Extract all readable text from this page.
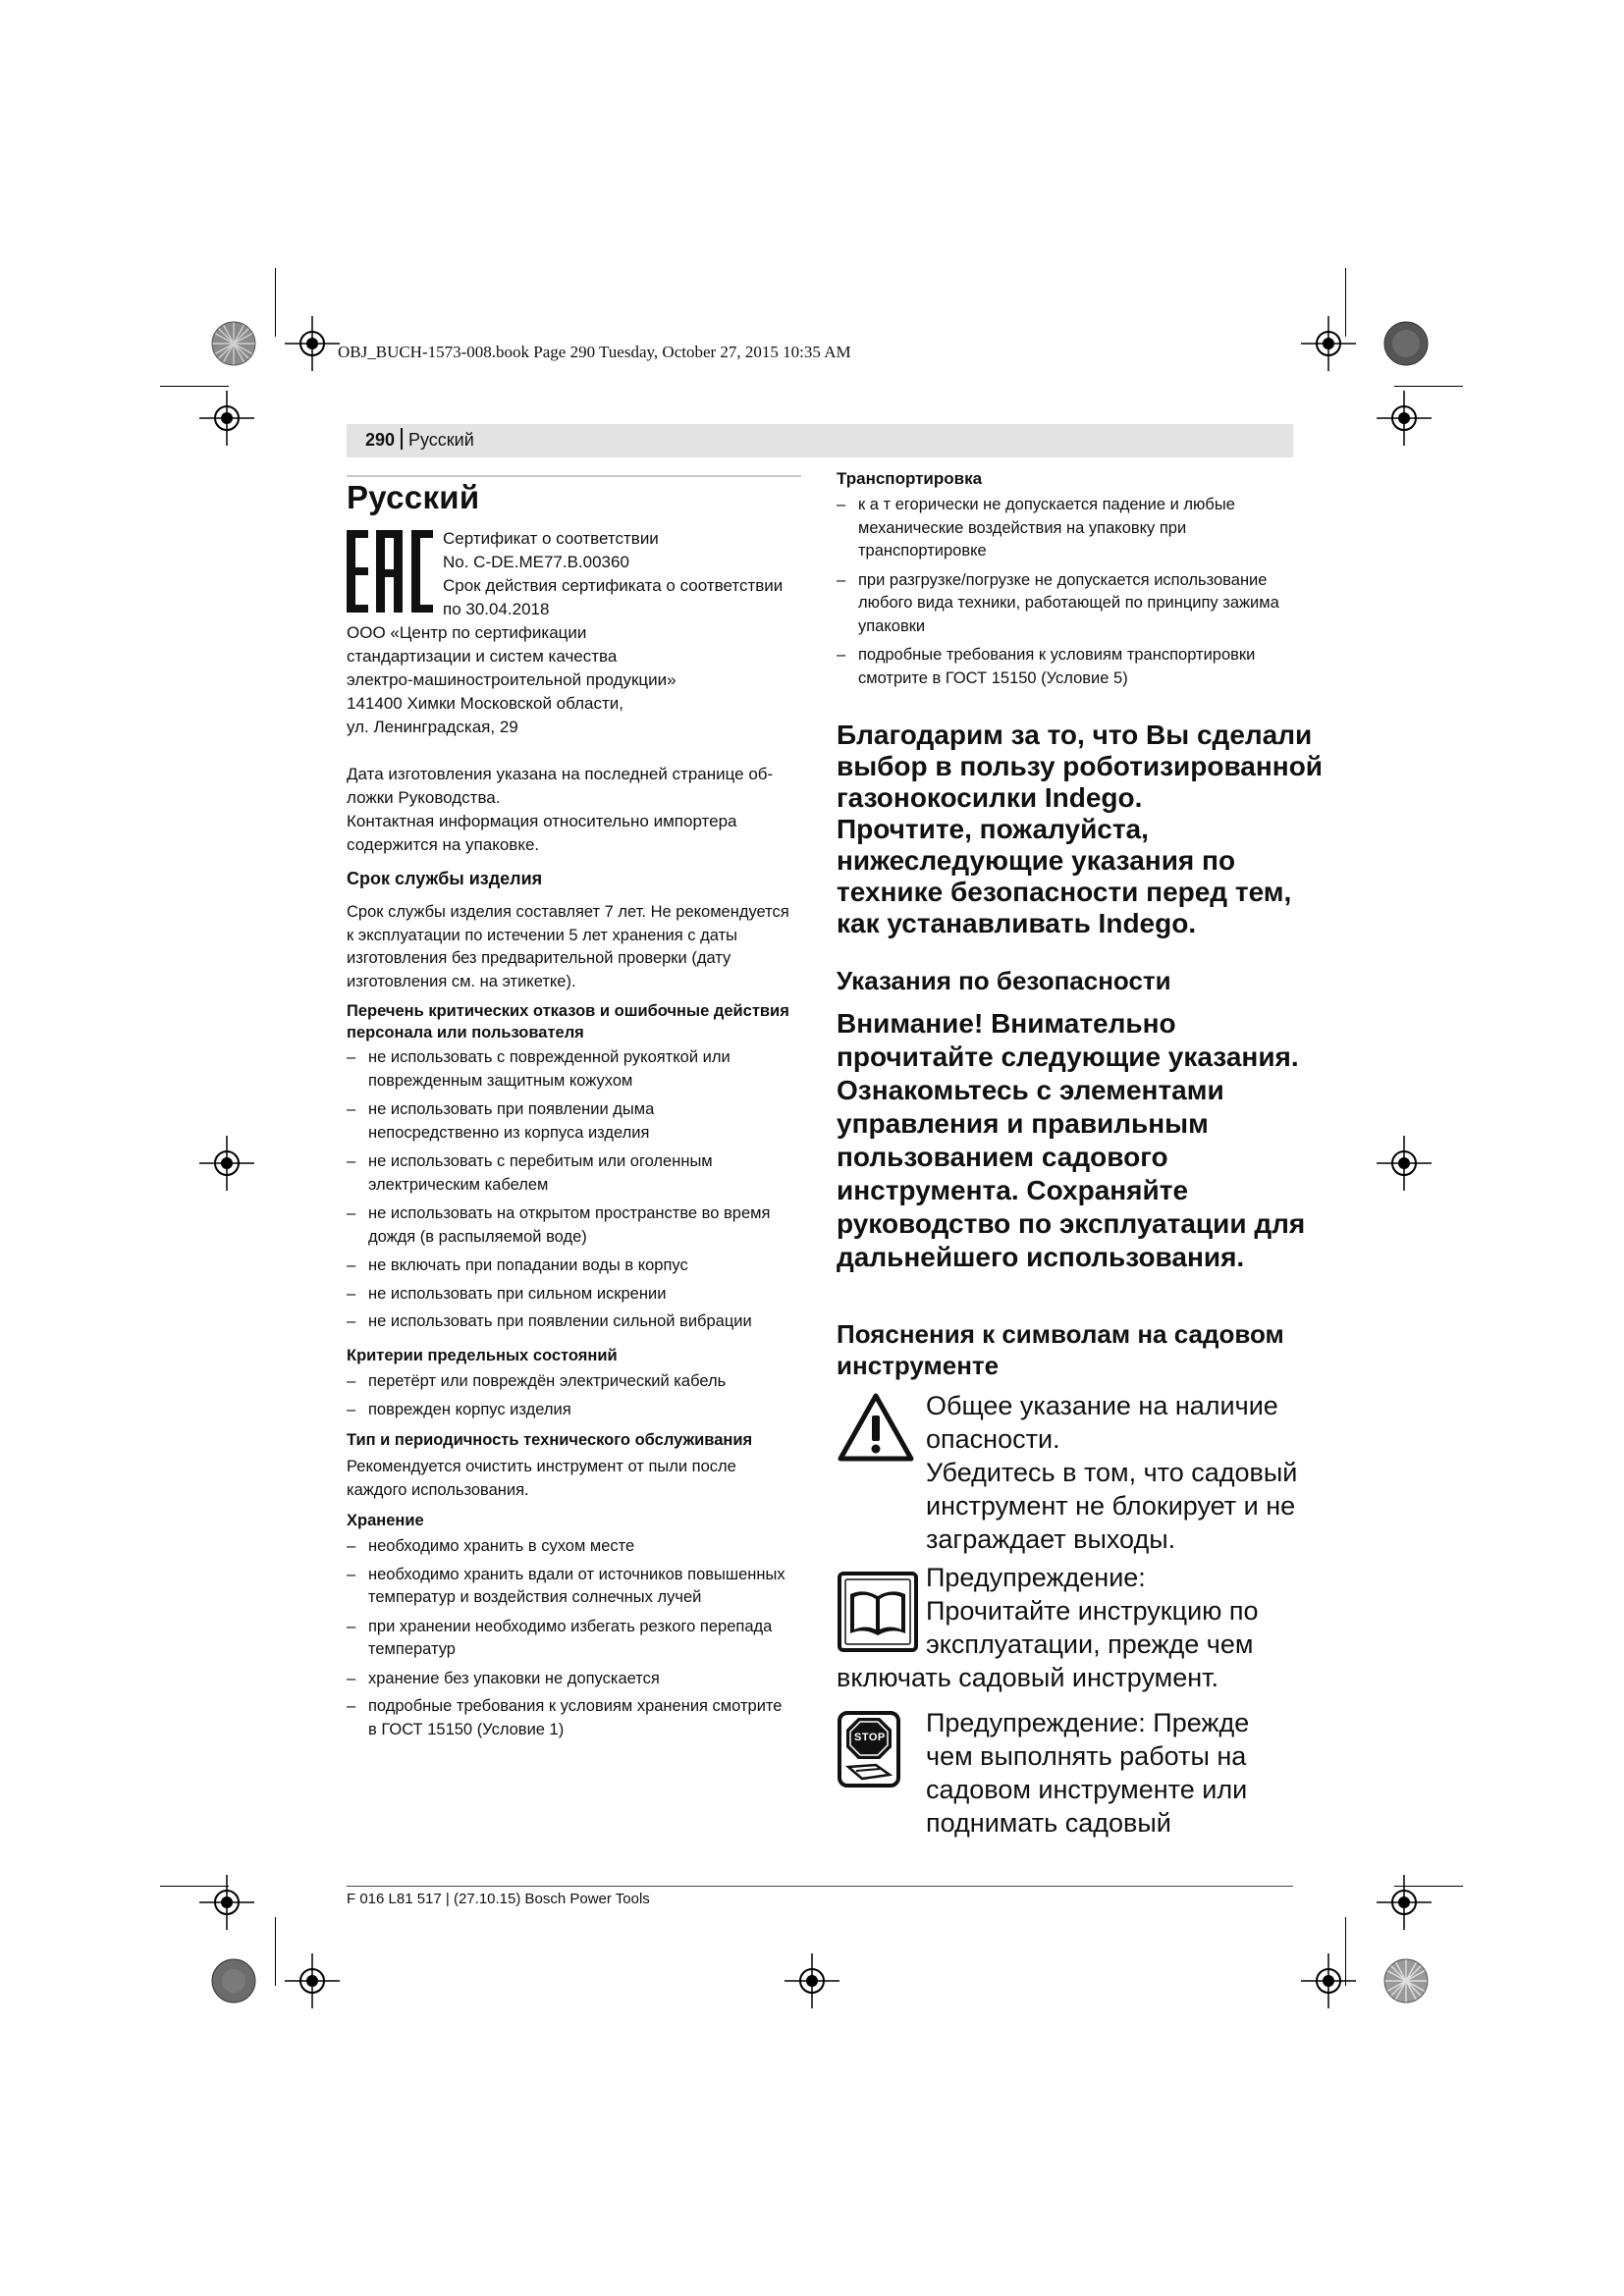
OBJ_BUCH-1573-008.book Page 290 Tuesday, October 27, 2015 10:35 AM
290 Русский
Русский
Сертификат о соответствии
No. C-DE.ME77.B.00360
Срок действия сертификата о соответствии
по 30.04.2018
ООО «Центр по сертификации
стандартизации и систем качества
электро-машиностроительной продукции»
141400 Химки Московской области,
ул. Ленинградская, 29
Дата изготовления указана на последней странице об-
ложки Руководства.
Контактная информация относительно импортера
содержится на упаковке.
Срок службы изделия
Срок службы изделия составляет 7 лет. Не рекомендуется
к эксплуатации по истечении 5 лет хранения с даты
изготовления без предварительной проверки (дату
изготовления см. на этикетке).
Перечень критических отказов и ошибочные действия
персонала или пользователя
– не использовать с поврежденной рукояткой или
поврежденным защитным кожухом
– не использовать при появлении дыма
непосредственно из корпуса изделия
– не использовать с перебитым или оголенным
электрическим кабелем
– не использовать на открытом пространстве во время
дождя (в распыляемой воде)
– не включать при попадании воды в корпус
– не использовать при сильном искрении
– не использовать при появлении сильной вибрации
Критерии предельных состояний
– перетёрт или повреждён электрический кабель
– поврежден корпус изделия
Тип и периодичность технического обслуживания
Рекомендуется очистить инструмент от пыли после
каждого использования.
Хранение
– необходимо хранить в сухом месте
– необходимо хранить вдали от источников повышенных
температур и воздействия солнечных лучей
– при хранении необходимо избегать резкого перепада
температур
– хранение без упаковки не допускается
– подробные требования к условиям хранения смотрите
в ГОСТ 15150 (Условие 1)
Транспортировка
– к а т егорически не допускается падение и любые
механические воздействия на упаковку при
транспортировке
– при разгрузке/погрузке не допускается использование
любого вида техники, работающей по принципу зажима
упаковки
– подробные требования к условиям транспортировки
смотрите в ГОСТ 15150 (Условие 5)
Благодарим за то, что Вы сделали
выбор в пользу роботизированной
газонокосилки Indego.
Прочтите, пожалуйста,
нижеследующие указания по
технике безопасности перед тем,
как устанавливать Indego.
Указания по безопасности
Внимание! Внимательно
прочитайте следующие указания.
Ознакомьтесь с элементами
управления и правильным
пользованием садового
инструмента. Сохраняйте
руководство по эксплуатации для
дальнейшего использования.
Пояснения к символам на садовом
инструменте
Общее указание на наличие
опасности.
Убедитесь в том, что садовый
инструмент не блокирует и не
заграждает выходы.
Предупреждение:
Прочитайте инструкцию по
эксплуатации, прежде чем
включать садовый инструмент.
STOP Предупреждение: Прежде
чем выполнять работы на
садовом инструменте или
поднимать садовый
F 016 L81 517 | (27.10.15) Bosch Power Tools
